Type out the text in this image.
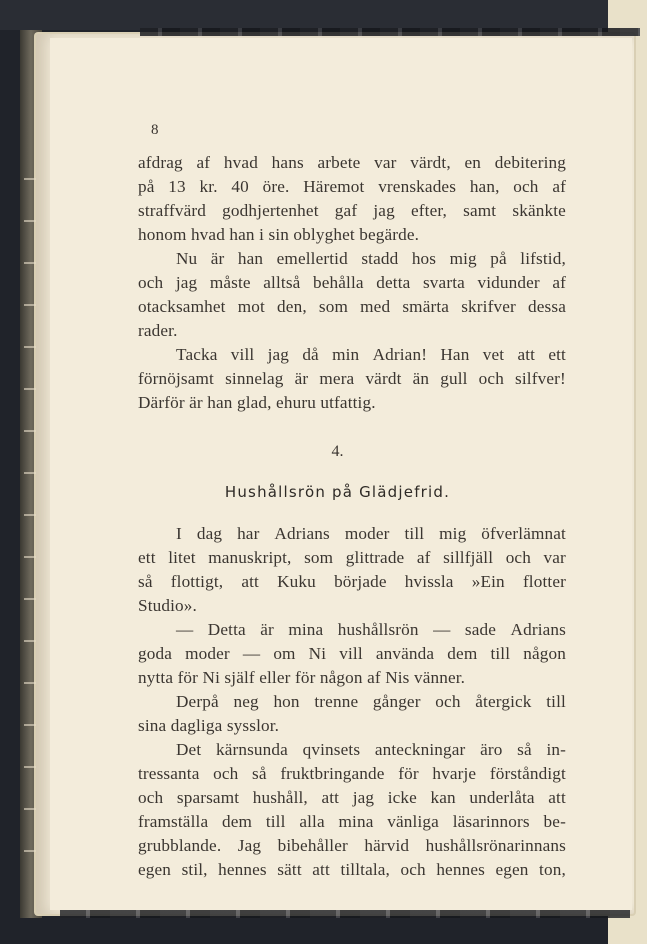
8

afdrag af hvad hans arbete var värdt, en debitering
på 13 kr. 40 öre. Häremot vrenskades han, och af
straffvärd godhjertenhet gaf jag efter, samt skänkte
honom hvad han i sin oblyghet begärde.

Nu är han emellertid stadd hos mig på lifstid,
och jag måste alltså behålla detta svarta vidunder af
otacksamhet mot den, som med smärta skrifver dessa
rader.

Tacka vill jag då min Adrian! Han vet att ett
förnöjsamt sinnelag är mera värdt än gull och silfver!
Därför är han glad, ehuru utfattig.

4.
Hushållsrön på Glädjefrid.

I dag har Adrians moder till mig öfverlämnat
ett litet manuskript, som glittrade af sillfjäll och var
så flottigt, att Kuku började hvissla »Ein flotter
Studio».

— Detta är mina hushållsrön — sade Adrians
goda moder — om Ni vill använda dem till någon
nytta för Ni själf eller för någon af Nis vänner.

Derpå neg hon trenne gånger och återgick till
sina dagliga sysslor.

Det kärnsunda qvinsets anteckningar äro så in-
tressanta och så fruktbringande för hvarje förståndigt
och sparsamt hushåll, att jag icke kan underlåta att
framställa dem till alla mina vänliga läsarinnors be-
grubblande. Jag bibehåller härvid hushållsrönarinnans
egen stil, hennes sätt att tilltala, och hennes egen ton,
